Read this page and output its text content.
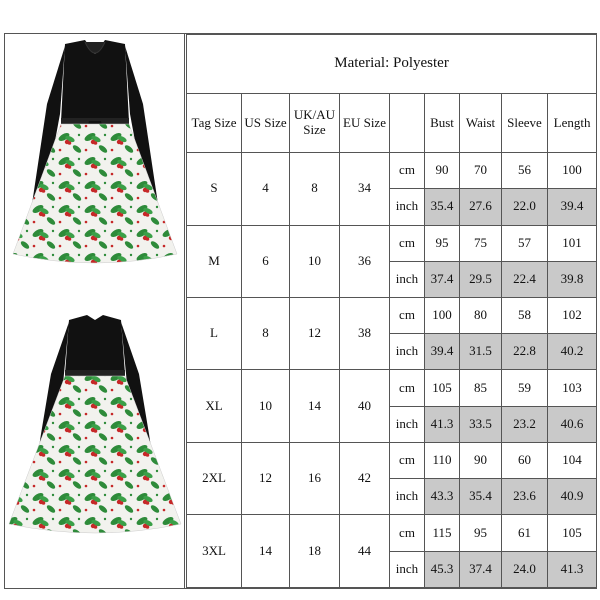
Material: Polyester								
Tag Size	US Size	UK/AU Size	EU Size		Bust	Waist	Sleeve	Length
S	4	8	34	cm	90	70	56	100
				inch	35.4	27.6	22.0	39.4
M	6	10	36	cm	95	75	57	101
				inch	37.4	29.5	22.4	39.8
L	8	12	38	cm	100	80	58	102
				inch	39.4	31.5	22.8	40.2
XL	10	14	40	cm	105	85	59	103
				inch	41.3	33.5	23.2	40.6
2XL	12	16	42	cm	110	90	60	104
				inch	43.3	35.4	23.6	40.9
3XL	14	18	44	cm	115	95	61	105
				inch	45.3	37.4	24.0	41.3
